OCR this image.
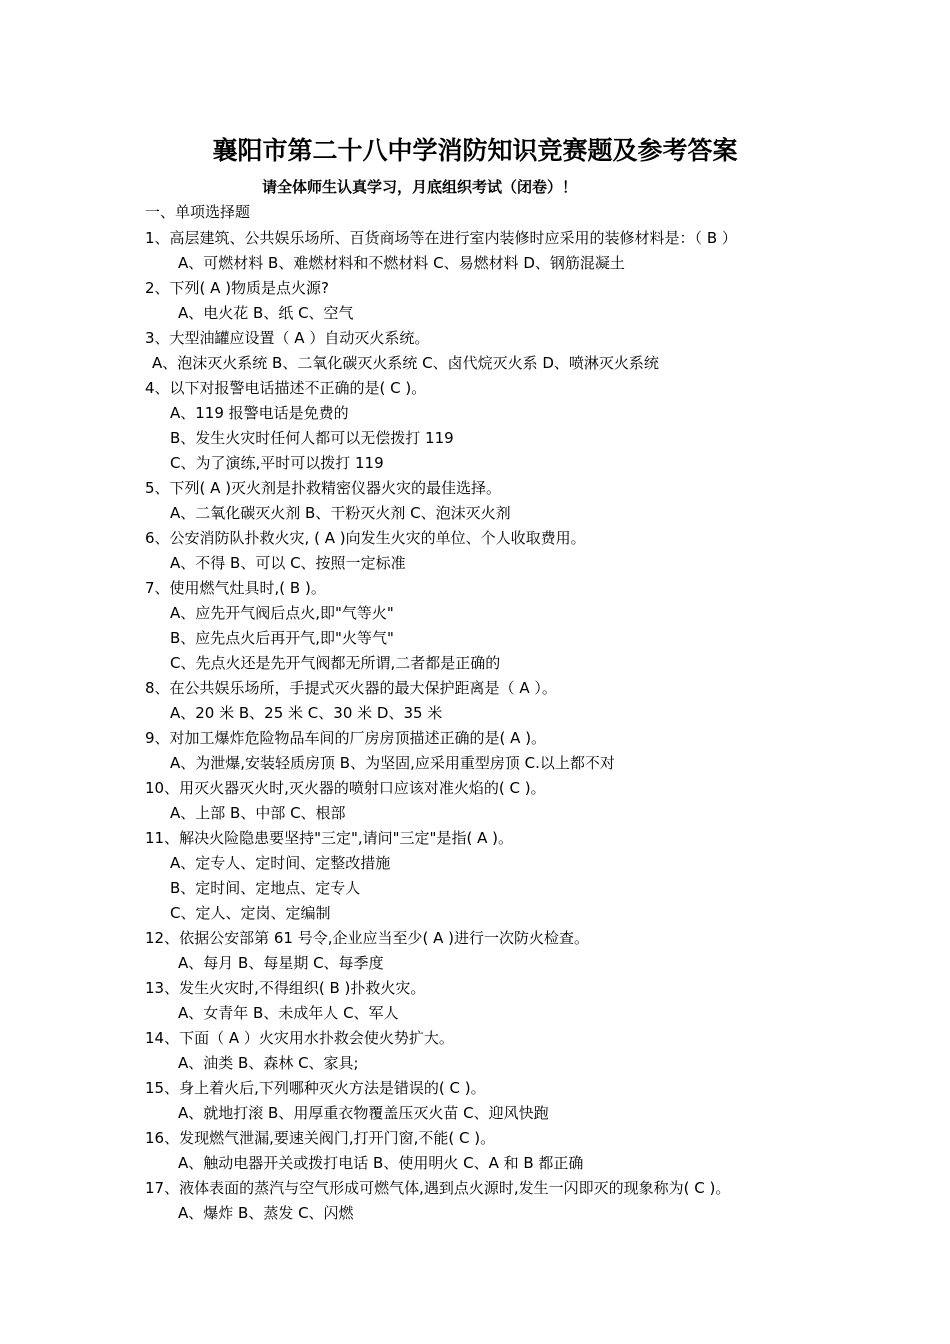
襄阳市第二十八中学消防知识竞赛题及参考答案
请全体师生认真学习，月底组织考试（闭卷）！
一、单项选择题
1、高层建筑、公共娱乐场所、百货商场等在进行室内装修时应采用的装修材料是：（ B ）
A、可燃材料 B、难燃材料和不燃材料 C、易燃材料 D、钢筋混凝土
2、下列( A )物质是点火源?
A、电火花 B、纸 C、空气
3、大型油罐应设置（ A ）自动灭火系统。
A、泡沫灭火系统 B、二氧化碳灭火系统 C、卤代烷灭火系 D、喷淋灭火系统
4、以下对报警电话描述不正确的是( C )。
A、119 报警电话是免费的
B、发生火灾时任何人都可以无偿拨打 119
C、为了演练,平时可以拨打 119
5、下列( A )灭火剂是扑救精密仪器火灾的最佳选择。
A、二氧化碳灭火剂 B、干粉灭火剂 C、泡沫灭火剂
6、公安消防队扑救火灾, ( A )向发生火灾的单位、个人收取费用。
A、不得 B、可以 C、按照一定标准
7、使用燃气灶具时,( B )。
A、应先开气阀后点火,即"气等火"
B、应先点火后再开气,即"火等气"
C、先点火还是先开气阀都无所谓,二者都是正确的
8、在公共娱乐场所，手提式灭火器的最大保护距离是（ A ）。
A、20 米 B、25 米 C、30 米 D、35 米
9、对加工爆炸危险物品车间的厂房房顶描述正确的是( A )。
A、为泄爆,安装轻质房顶 B、为坚固,应采用重型房顶 C.以上都不对
10、用灭火器灭火时,灭火器的喷射口应该对准火焰的( C )。
A、上部 B、中部 C、根部
11、解决火险隐患要坚持"三定",请问"三定"是指( A )。
A、定专人、定时间、定整改措施
B、定时间、定地点、定专人
C、定人、定岗、定编制
12、依据公安部第 61 号令,企业应当至少( A )进行一次防火检查。
A、每月 B、每星期 C、每季度
13、发生火灾时,不得组织( B )扑救火灾。
A、女青年 B、未成年人 C、军人
14、下面（ A ）火灾用水扑救会使火势扩大。
A、油类 B、森林 C、家具;
15、身上着火后,下列哪种灭火方法是错误的( C )。
A、就地打滚 B、用厚重衣物覆盖压灭火苗 C、迎风快跑
16、发现燃气泄漏,要速关阀门,打开门窗,不能( C )。
A、触动电器开关或拨打电话 B、使用明火 C、A 和 B 都正确
17、液体表面的蒸汽与空气形成可燃气体,遇到点火源时,发生一闪即灭的现象称为( C )。
A、爆炸 B、蒸发 C、闪燃
